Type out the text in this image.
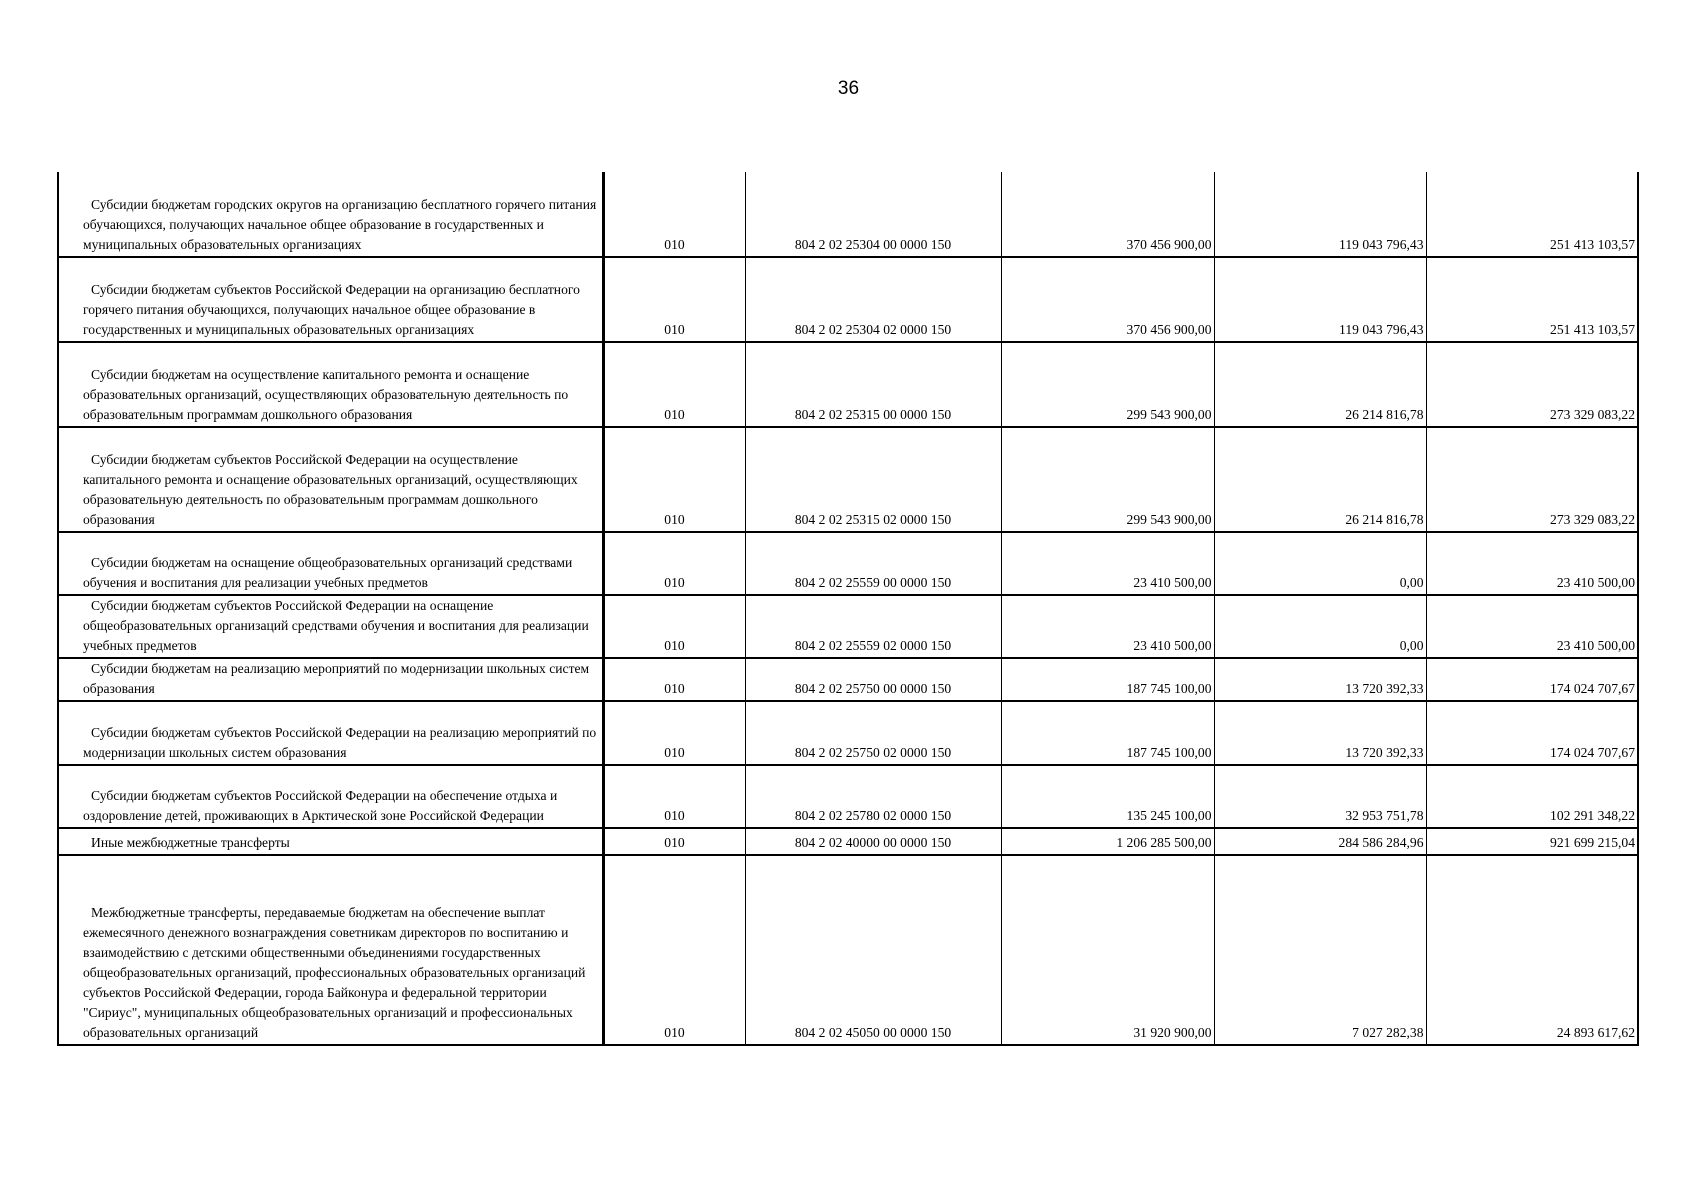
36
Субсидии бюджетам городских округов на организацию бесплатного горячего питания обучающихся, получающих начальное общее образование в государственных и муниципальных образовательных организациях	010	804 2 02 25304 00 0000 150	370 456 900,00	119 043 796,43	251 413 103,57

Субсидии бюджетам субъектов Российской Федерации на организацию бесплатного горячего питания обучающихся, получающих начальное общее образование в государственных и муниципальных образовательных организациях	010	804 2 02 25304 02 0000 150	370 456 900,00	119 043 796,43	251 413 103,57

Субсидии бюджетам на осуществление капитального ремонта и оснащение образовательных организаций, осуществляющих образовательную деятельность по образовательным программам дошкольного образования	010	804 2 02 25315 00 0000 150	299 543 900,00	26 214 816,78	273 329 083,22

Субсидии бюджетам субъектов Российской Федерации на осуществление капитального ремонта и оснащение образовательных организаций, осуществляющих образовательную деятельность по образовательным программам дошкольного образования	010	804 2 02 25315 02 0000 150	299 543 900,00	26 214 816,78	273 329 083,22

Субсидии бюджетам на оснащение общеобразовательных организаций средствами обучения и воспитания для реализации учебных предметов	010	804 2 02 25559 00 0000 150	23 410 500,00	0,00	23 410 500,00

Субсидии бюджетам субъектов Российской Федерации на оснащение общеобразовательных организаций средствами обучения и воспитания для реализации учебных предметов	010	804 2 02 25559 02 0000 150	23 410 500,00	0,00	23 410 500,00

Субсидии бюджетам на реализацию мероприятий по модернизации школьных систем образования	010	804 2 02 25750 00 0000 150	187 745 100,00	13 720 392,33	174 024 707,67

Субсидии бюджетам субъектов Российской Федерации на реализацию мероприятий по модернизации школьных систем образования	010	804 2 02 25750 02 0000 150	187 745 100,00	13 720 392,33	174 024 707,67

Субсидии бюджетам субъектов Российской Федерации на обеспечение отдыха и оздоровление детей, проживающих в Арктической зоне Российской Федерации	010	804 2 02 25780 02 0000 150	135 245 100,00	32 953 751,78	102 291 348,22

Иные межбюджетные трансферты	010	804 2 02 40000 00 0000 150	1 206 285 500,00	284 586 284,96	921 699 215,04

Межбюджетные трансферты, передаваемые бюджетам на обеспечение выплат ежемесячного денежного вознаграждения советникам директоров по воспитанию и взаимодействию с детскими общественными объединениями государственных общеобразовательных организаций, профессиональных образовательных организаций субъектов Российской Федерации, города Байконура и федеральной территории "Сириус", муниципальных общеобразовательных организаций и профессиональных образовательных организаций	010	804 2 02 45050 00 0000 150	31 920 900,00	7 027 282,38	24 893 617,62
